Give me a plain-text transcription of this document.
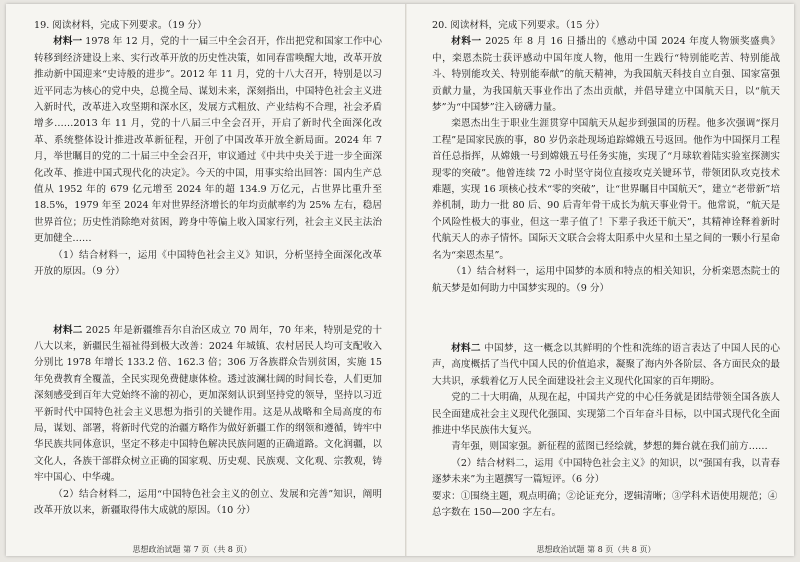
19. 阅读材料，完成下列要求。（19 分）

材料一 1978 年 12 月，党的十一届三中全会召开，作出把党和国家工作中心转移到经济建设上来、实行改革开放的历史性决策，如同春雷唤醒大地，改革开放推动新中国迎来“史诗般的进步”。2012 年 11 月，党的十八大召开，特别是以习近平同志为核心的党中央，总揽全局、谋划未来，深刻指出，中国特色社会主义进入新时代，改革进入攻坚期和深水区，发展方式粗放、产业结构不合理，社会矛盾增多……2013 年 11 月，党的十八届三中全会召开，开启了新时代全面深化改革、系统整体设计推进改革新征程，开创了中国改革开放全新局面。2024 年 7 月，举世瞩目的党的二十届三中全会召开，审议通过《中共中央关于进一步全面深化改革、推进中国式现代化的决定》。今天的中国，用事实给出回答：国内生产总值从 1952 年的 679 亿元增至 2024 年的超 134.9 万亿元，占世界比重升至 18.5%，1979 年至 2024 年对世界经济增长的年均贡献率约为 25% 左右，稳居世界首位；历史性消除绝对贫困，跨身中等偏上收入国家行列，社会主义民主法治更加健全……

（1）结合材料一，运用《中国特色社会主义》知识，分析坚持全面深化改革开放的原因。（9 分）

材料二 2025 年是新疆维吾尔自治区成立 70 周年，70 年来，特别是党的十八大以来，新疆民生福祉得到极大改善：2024 年城镇、农村居民人均可支配收入分别比 1978 年增长 133.2 倍、162.3 倍；306 万各族群众告别贫困，实施 15 年免费教育全覆盖，全民实现免费健康体检。透过波澜壮阔的时间长卷，人们更加深刻感受到百年大党始终不渝的初心，更加深刻认识到坚持党的领导，坚持以习近平新时代中国特色社会主义思想为指引的关键作用。这是从战略和全局高度的布局，谋划、部署，将新时代党的治疆方略作为做好新疆工作的纲领和遵循，铸牢中华民族共同体意识，坚定不移走中国特色解决民族问题的正确道路。文化润疆，以文化人，各族干部群众树立正确的国家观、历史观、民族观、文化观、宗教观，铸牢中国心、中华魂。

（2）结合材料二，运用“中国特色社会主义的创立、发展和完善”知识，阐明改革开放以来，新疆取得伟大成就的原因。（10 分）

20. 阅读材料，完成下列要求。（15 分）

材料一 2025 年 8 月 16 日播出的《感动中国 2024 年度人物颁奖盛典》中，栾恩杰院士获评感动中国年度人物，他用一生践行“特别能吃苦、特别能战斗、特别能攻关、特别能奉献”的航天精神，为我国航天科技自立自强、国家富强贡献力量，为我国航天事业作出了杰出贡献，并倡导建立中国航天日，以“航天梦”为“中国梦”注入磅礴力量。

栾恩杰出生于职业生涯贯穿中国航天从起步到强国的历程。他多次强调“探月工程”是国家民族的事，80 岁仍亲赴现场追踪嫦娥五号返回。他作为中国探月工程首任总指挥，从嫦娥一号到嫦娥五号任务实施，实现了“月球软着陆实验室探测实现零的突破”。他曾连续 72 小时坚守岗位直接攻克关键环节，带领团队攻克技术难题，实现 16 项核心技术“零的突破”，让“世界瞩目中国航天”，建立“老带新”培养机制，助力一批 80 后、90 后青年骨干成长为航天事业骨干。他常说，“航天是个风险性极大的事业，但这一辈子值了！下辈子我还干航天”，其精神诠释着新时代航天人的赤子情怀。国际天文联合会将太阳系中火星和土星之间的一颗小行星命名为“栾恩杰星”。

（1）结合材料一，运用中国梦的本质和特点的相关知识，分析栾恩杰院士的航天梦是如何助力中国梦实现的。（9 分）

材料二 中国梦，这一概念以其鲜明的个性和洗练的语言表达了中国人民的心声，高度概括了当代中国人民的价值追求，凝聚了海内外各阶层、各方面民众的最大共识，承载着亿万人民全面建设社会主义现代化国家的百年期盼。

党的二十大明确，从现在起，中国共产党的中心任务就是团结带领全国各族人民全面建成社会主义现代化强国、实现第二个百年奋斗目标，以中国式现代化全面推进中华民族伟大复兴。

青年强，则国家强。新征程的蓝图已经绘就，梦想的舞台就在我们前方……

（2）结合材料二，运用《中国特色社会主义》的知识，以“强国有我，以青春逐梦未来”为主题撰写一篇短评。（6 分）

要求：①围绕主题，观点明确；②论证充分，逻辑清晰；③学科术语使用规范；④总字数在 150—200 字左右。

思想政治试题 第 7 页（共 8 页）	思想政治试题 第 8 页（共 8 页）
